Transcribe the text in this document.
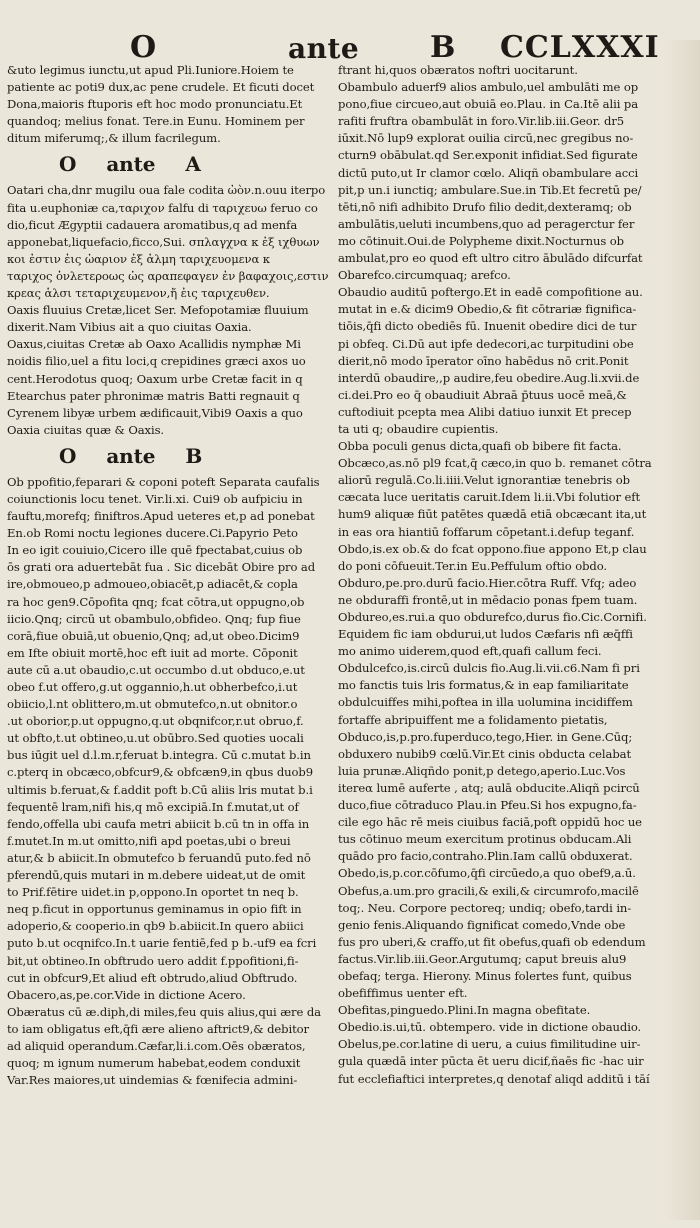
O	ante B CCLXXXI
&uto legimus iunctu,ut apud Pli.Iuniore.Hoiem te
patiente ac poti9 dux,ac pene crudele. Et ficuti docet
Dona,maioris ftuporis eft hoc modo pronunciatu.Et
quandoq; melius fonat. Tere.in Eunu. Hominem per
ditum miferumq;,& illum facrilegum.
O ante A
Oatari cha,dnr mugilu oua fale codita ὠὸν.n.ouu iterpo
fita u.euphoniæ ca,ταριχον falfu di ταριχευω feruo co
dio,ficut Ægyptii cadauera aromatibus,q ad menfa
apponebat,liquefacio,ficco,Sui. σπλαγχνα κ ἐξ ιχθυων
κοι ἐστιν ἐις ὠαριον ἐξ ἁλμη ταριχευομενα κ
ταριχος ὀνλετεροως ὠς αραπεφαγεν ἐν βαφαχοις,εστιν
κρεας ἁλσι τεταριχευμενον,ἤ ἐις ταριχευθεν.
Oaxis fluuius Cretæ,licet Ser. Mefopotamiæ fluuium
dixerit.Nam Vibius ait a quo ciuitas Oaxia.
Oaxus,ciuitas Cretæ ab Oaxo Acallidis nymphæ Mi
noidis filio,uel a fitu loci,q crepidines græci axos uo
cent.Herodotus quoq; Oaxum urbe Cretæ facit in q
Etearchus pater phronimæ matris Batti regnauit q
Cyrenem libyæ urbem ædificauit,Vibi9 Oaxis a quo
Oaxia ciuitas quæ & Oaxis.
O ante B
Ob ppofitio,feparari & coponi poteft Separata caufalis
coiunctionis locu tenet. Vir.li.xi. Cui9 ob aufpiciu in
fauftu,morefq; finiftros.Apud ueteres et,p ad ponebat
En.ob Romi noctu legiones ducere.Ci.Papyrio Peto
In eo igit couiuio,Cicero ille quē fpectabat,cuius ob
ōs grati ora aduertebāt fua . Sic dicebāt Obire pro ad
ire,obmoueo,p admoueo,obiacēt,p adiacēt,& copla
ra hoc gen9.Cōpofita qnq; fcat cōtra,ut oppugno,ob
iicio.Qnq; circū ut obambulo,obfideo. Qnq; fup fiue
corā,fiue obuiā,ut obuenio,Qnq; ad,ut obeo.Dicim9
em Ifte obiuit mortē,hoc eft iuit ad morte. Cōponit
aute cū a.ut obaudio,c.ut occumbo d.ut obduco,e.ut
obeo f.ut offero,g.ut oggannio,h.ut obherbefco,i.ut
obiicio,l.nt oblittero,m.ut obmutefco,n.ut obnitor.o
.ut oborior,p.ut oppugno,q.ut obqnifcor,r.ut obruo,f.
ut obfto,t.ut obtineo,u.ut obūbro.Sed quoties uocali
bus iūgit uel d.l.m.r,feruat b.integra. Cū c.mutat b.in
c.pterq in obcæco,obfcur9,& obfcæn9,in qbus duob9
ultimis b.feruat,& f.addit poft b.Cū aliis lris mutat b.i
fequentē lram,nifi his,q mō excipiā.In f.mutat,ut of
fendo,offella ubi caufa metri abiicit b.cū tn in offa in
f.mutet.In m.ut omitto,nifi apd poetas,ubi o breui
atur,& b abiicit.In obmutefco b feruandū puto.fed nō
pferendū,quis mutari in m.debere uideat,ut de omit
to Prif.fētire uidet.in p,oppono.In oportet tn neq b.
neq p.ficut in opportunus geminamus in opio fift in
adoperio,& cooperio.in qb9 b.abiicit.In quero abiici
puto b.ut ocqnifco.In.t uarie fentiē,fed p b.-uf9 ea fcri
bit,ut obtineo.In obftrudo uero addit f.ppofitioni,fi-
cut in obfcur9,Et aliud eft obtrudo,aliud Obftrudo.
Obacero,as,pe.cor.Vide in dictione Acero.
Obæratus cū æ.diph,di miles,feu quis alius,qui ære da
to iam obligatus eft,q̄fi ære alieno aftrict9,& debitor
ad aliquid operandum.Cæfar,li.i.com.Oēs obæratos,
quoq; m ignum numerum habebat,eodem conduxit
Var.Res maiores,ut uindemias & fœnifecia admini-
ftrant hi,quos obæratos noftri uocitarunt.
Obambulo aduerf9 alios ambulo,uel ambulāti me op
pono,fiue circueo,aut obuiā eo.Plau. in Ca.Itē alii pa
rafiti fruftra obambulāt in foro.Vir.lib.iii.Geor. dr5
iūxit.Nō lup9 explorat ouilia circū,nec gregibus no-
cturn9 obābulat.qd Ser.exponit infidiat.Sed figurate
dictū puto,ut Ir clamor cœlo. Aliqñ obambulare acci
pit,p un.i iunctiq; ambulare.Sue.in Tib.Et fecretū pe/
tēti,nō nifi adhibito Drufo filio dedit,dexteramq; ob
ambulātis,ueluti incumbens,quo ad peragerctur fer
mo cōtinuit.Oui.de Polypheme dixit.Nocturnus ob
ambulat,pro eo quod eft ultro citro ābulādo difcurfat
Obarefco.circumquaq; arefco.
Obaudio auditū poftergo.Et in eadē compofitione au.
mutat in e.& dicim9 Obedio,& fit cōtrariæ fignifica-
tiōis,q̄fi dicto obediēs fū. Inuenit obedire dici de tur
pi obfeq. Ci.Dū aut ipfe dedecori,ac turpitudini obe
dierit,nō modo īperator oīno habēdus nō crit.Ponit
interdū obaudire,,p audire,feu obedire.Aug.li.xvii.de
ci.dei.Pro eo q̄ obaudiuit Abraā p̄tuus uocē meā,&
cuftodiuit pcepta mea Alibi datiuo iunxit Et precep
ta uti q; obaudire cupientis.
Obba poculi genus dicta,quafi ob bibere fit facta.
Obcæco,as.nō pl9 fcat,q̄ cæco,in quo b. remanet cōtra
aliorū regulā.Co.li.iiii.Velut ignorantiæ tenebris ob
cæcata luce ueritatis caruit.Idem li.ii.Vbi folutior eft
hum9 aliquæ fiūt patētes quædā etiā obcæcant ita,ut
in eas ora hiantiū foffarum cōpetant.i.defup teganf.
Obdo,is.ex ob.& do fcat oppono.fiue appono Et,p clau
do poni cōfueuit.Ter.in Eu.Peffulum oftio obdo.
Obduro,pe.pro.durū facio.Hier.cōtra Ruff. Vfq; adeo
ne obduraffi frontē,ut in mēdacio ponas fpem tuam.
Obdureo,es.rui.a quo obdurefco,durus fio.Cic.Cornifi.
Equidem fic iam obdurui,ut ludos Cæfaris nfi æq̄ffi
mo animo uiderem,quod eft,quafi callum feci.
Obdulcefco,is.circū dulcis fio.Aug.li.vii.c6.Nam fi pri
mo fanctis tuis lris formatus,& in eap familiaritate
obdulcuiffes mihi,poftea in illa uolumina incidiffem
fortaffe abripuiffent me a folidamento pietatis,
Obduco,is,p.pro.fuperduco,tego,Hier. in Gene.Cūq;
obduxero nubib9 cœlū.Vir.Et cinis obducta celabat
luia prunæ.Aliqñdo ponit,p detego,aperio.Luc.Vos
itereα lumē auferte , atq; aulā obducite.Aliqñ pcircū
duco,fiue cōtraduco Plau.in Pfeu.Si hos expugno,fa-
cile ego hāc rē meis ciuibus faciā,poft oppidū hoc ue
tus cōtinuo meum exercitum protinus obducam.Ali
quādo pro facio,contraho.Plin.Iam callū obduxerat.
Obedo,is,p.cor.cōfumo,q̄fi circūedo,a quo obef9,a.ū.
Obefus,a.um.pro gracili,& exili,& circumrofo,macilē
toq;. Neu. Corpore pectoreq; undiq; obefo,tardi in-
genio fenis.Aliquando fignificat comedo,Vnde obe
fus pro uberi,& craffo,ut fit obefus,quafi ob edendum
factus.Vir.lib.iii.Geor.Argutumq; caput breuis alu9
obefaq; terga. Hierony. Minus folertes funt, quibus
obefiffimus uenter eft.
Obefitas,pinguedo.Plini.In magna obefitate.
Obedio.is.ui,tū. obtempero. vide in dictione obaudio.
Obelus,pe.cor.latine di ueru, a cuius fimilitudine uir-
gula quædā inter pūcta ēt ueru dicif,ñaēs fic -hac uir
fut ecclefiaftici interpretes,q denotaf aliqd additū i tāí
